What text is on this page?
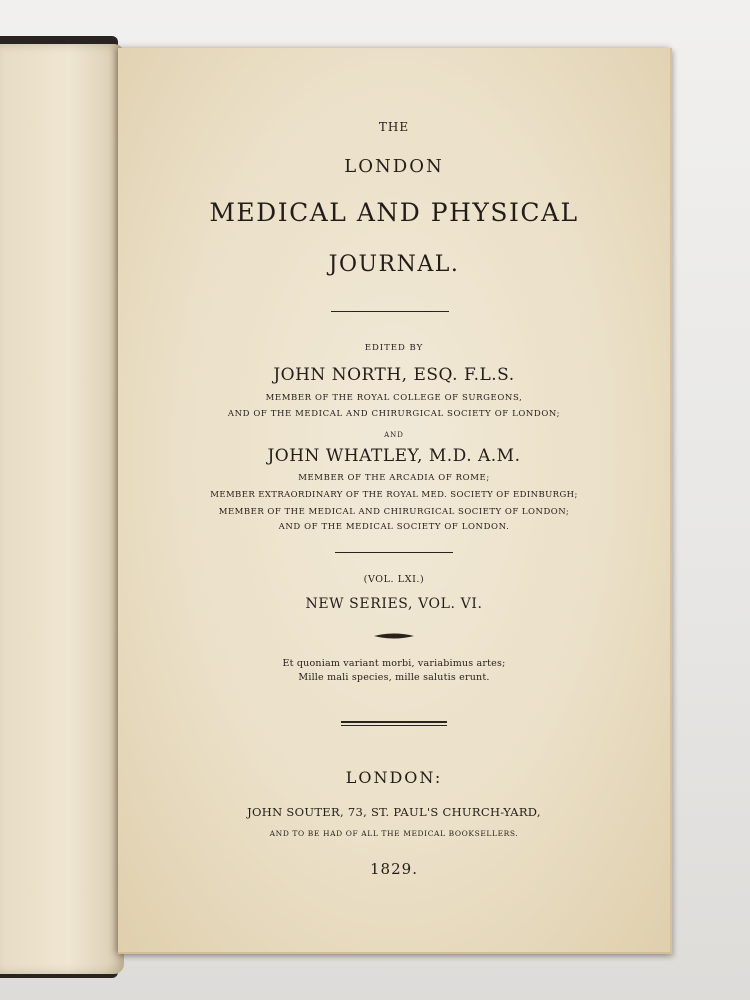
THE
LONDON
MEDICAL AND PHYSICAL
JOURNAL.
EDITED BY
JOHN NORTH, ESQ. F.L.S.
MEMBER OF THE ROYAL COLLEGE OF SURGEONS,
AND OF THE MEDICAL AND CHIRURGICAL SOCIETY OF LONDON;
AND
JOHN WHATLEY, M.D. A.M.
MEMBER OF THE ARCADIA OF ROME;
MEMBER EXTRAORDINARY OF THE ROYAL MED. SOCIETY OF EDINBURGH;
MEMBER OF THE MEDICAL AND CHIRURGICAL SOCIETY OF LONDON;
AND OF THE MEDICAL SOCIETY OF LONDON.
(VOL. LXI.)
NEW SERIES, VOL. VI.
Et quoniam variant morbi, variabimus artes;
Mille mali species, mille salutis erunt.
LONDON:
JOHN SOUTER, 73, ST. PAUL'S CHURCH-YARD,
AND TO BE HAD OF ALL THE MEDICAL BOOKSELLERS.
1829.
